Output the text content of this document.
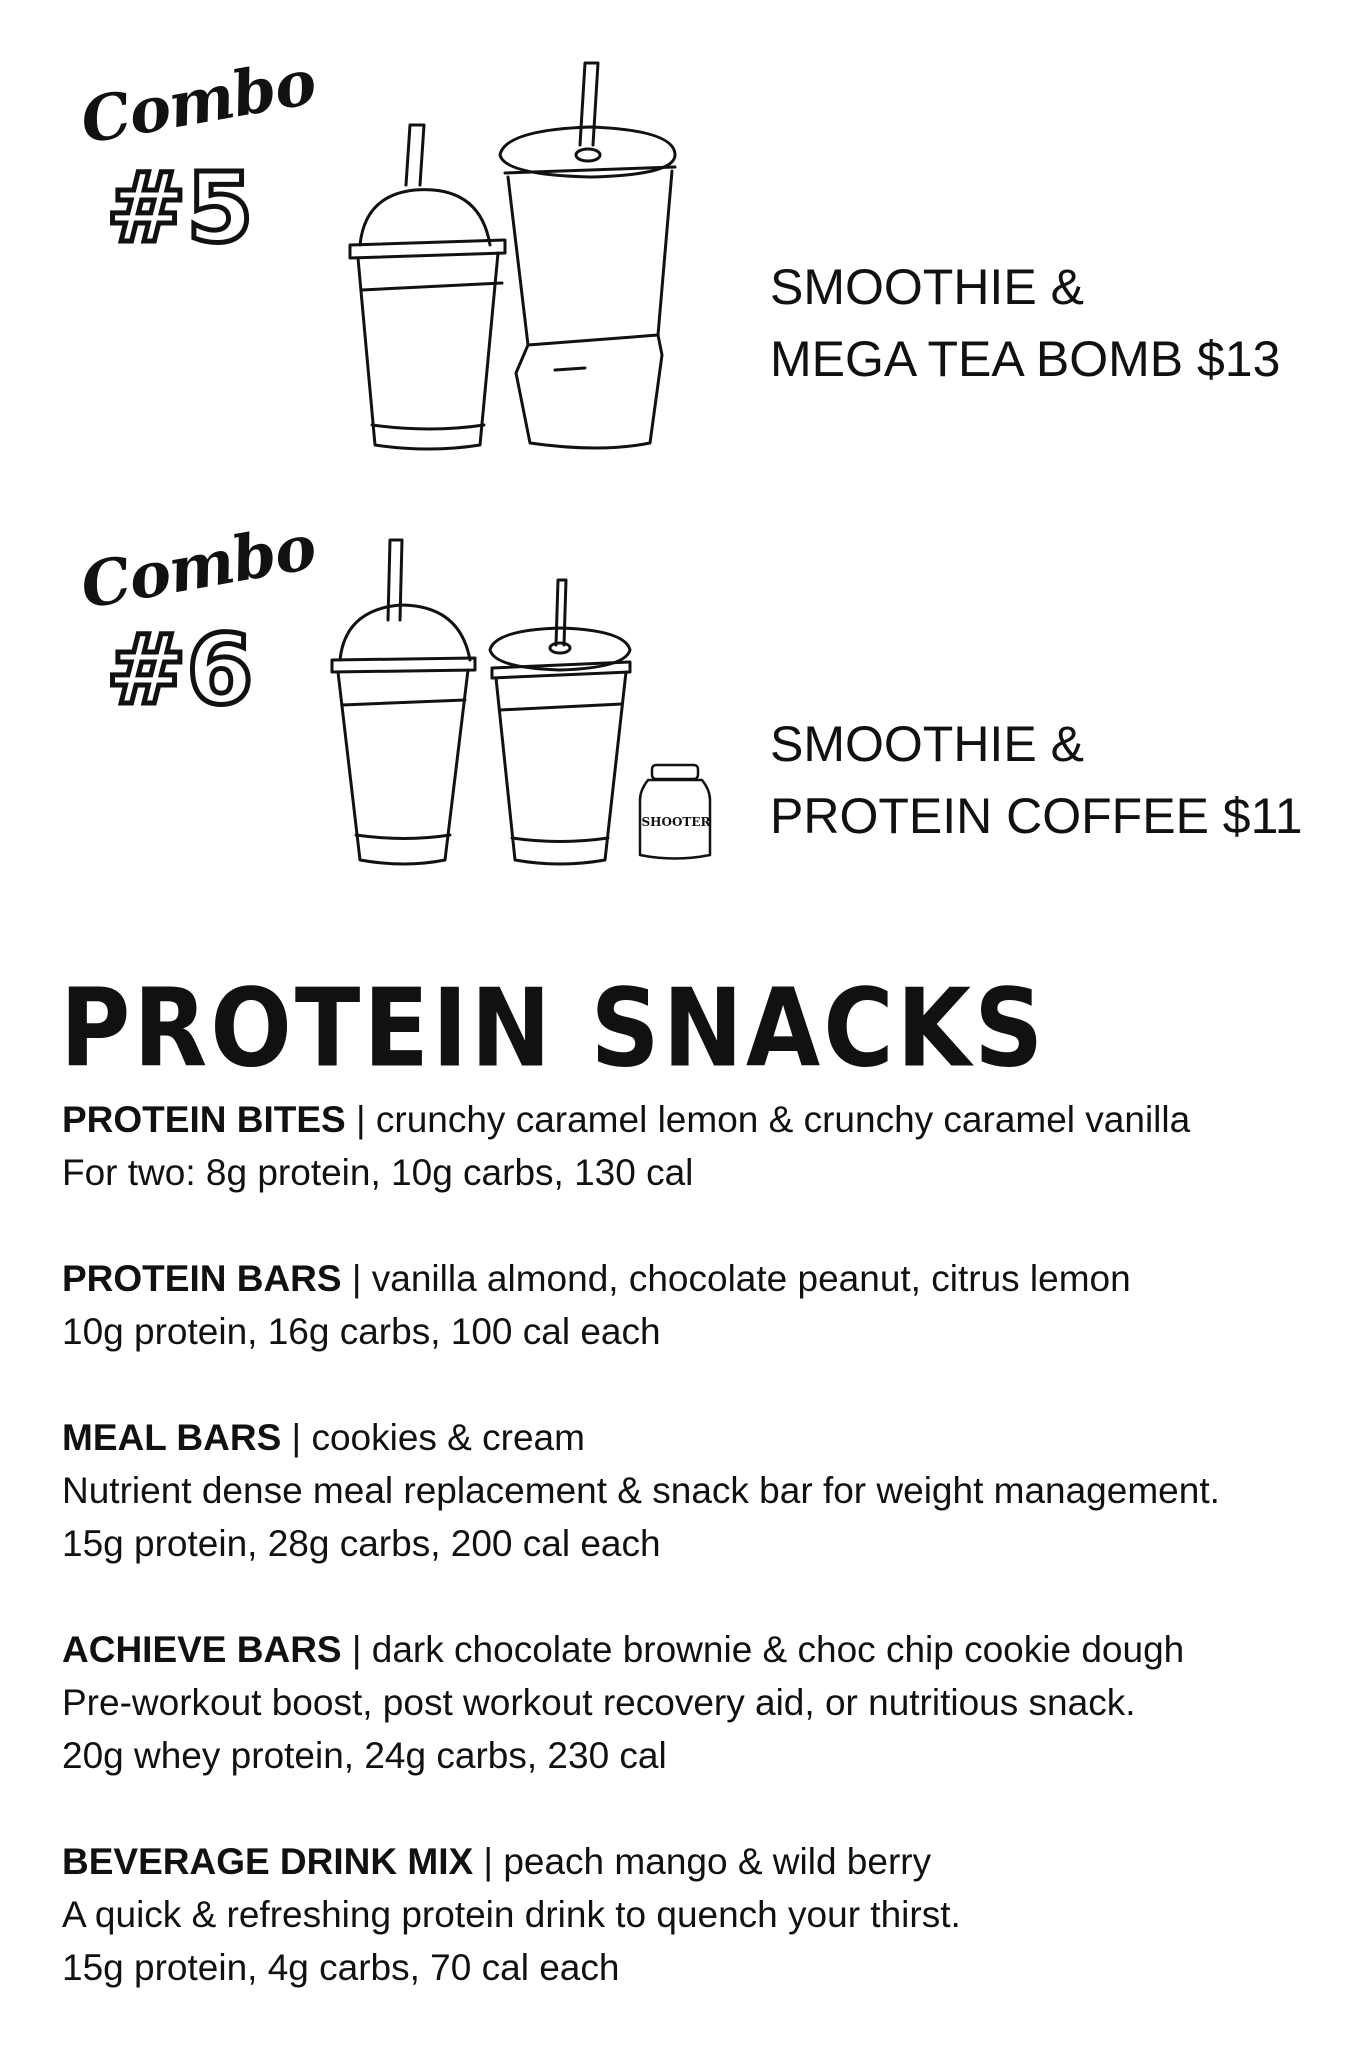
Combo
#5
SMOOTHIE &
MEGA TEA BOMB $13
Combo
#6
SHOOTER
SMOOTHIE &
PROTEIN COFFEE $11
PROTEIN SNACKS
PROTEIN BITES | crunchy caramel lemon & crunchy caramel vanilla
For two: 8g protein, 10g carbs, 130 cal
PROTEIN BARS | vanilla almond, chocolate peanut, citrus lemon
10g protein, 16g carbs, 100 cal each
MEAL BARS | cookies & cream
Nutrient dense meal replacement & snack bar for weight management.
15g protein, 28g carbs, 200 cal each
ACHIEVE BARS | dark chocolate brownie & choc chip cookie dough
Pre-workout boost, post workout recovery aid, or nutritious snack.
20g whey protein, 24g carbs, 230 cal
BEVERAGE DRINK MIX | peach mango & wild berry
A quick & refreshing protein drink to quench your thirst.
15g protein, 4g carbs, 70 cal each
